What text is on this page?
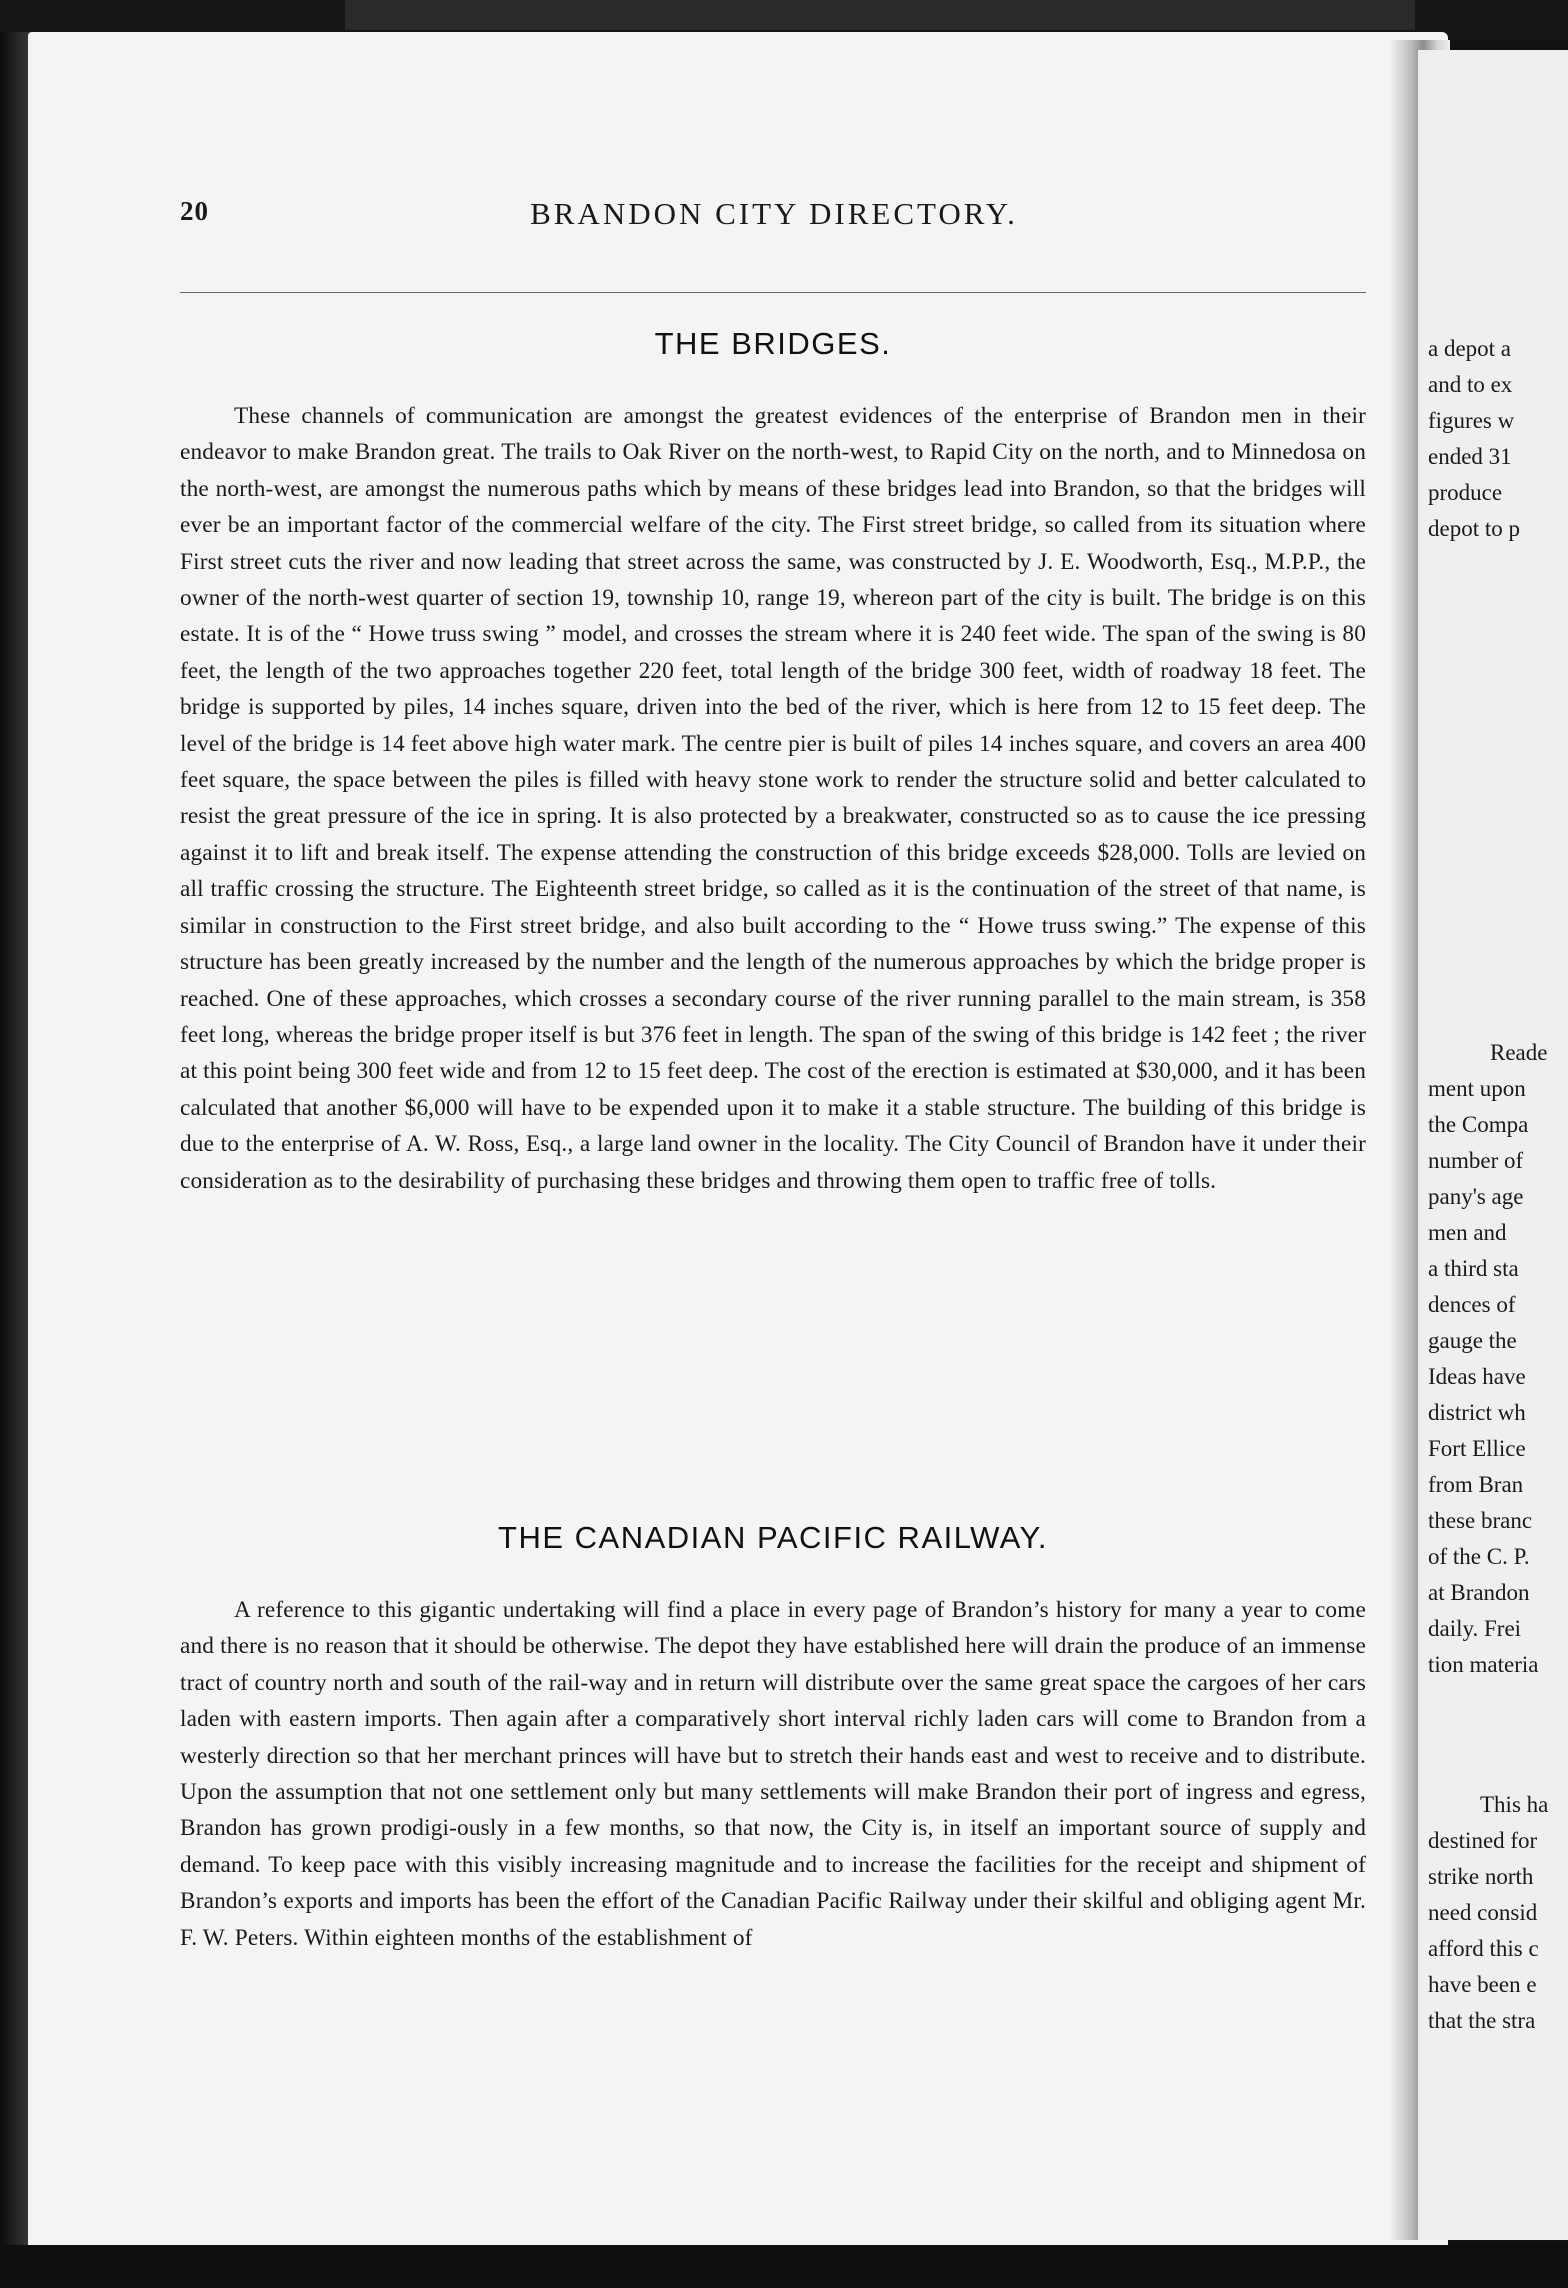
20	BRANDON CITY DIRECTORY.
THE BRIDGES.
These channels of communication are amongst the greatest evidences of the enterprise of Brandon men in their endeavor to make Brandon great. The trails to Oak River on the north-west, to Rapid City on the north, and to Minnedosa on the north-west, are amongst the numerous paths which by means of these bridges lead into Brandon, so that the bridges will ever be an important factor of the commercial welfare of the city. The First street bridge, so called from its situation where First street cuts the river and now leading that street across the same, was constructed by J. E. Woodworth, Esq., M.P.P., the owner of the north-west quarter of section 19, township 10, range 19, whereon part of the city is built. The bridge is on this estate. It is of the “ Howe truss swing ” model, and crosses the stream where it is 240 feet wide. The span of the swing is 80 feet, the length of the two approaches together 220 feet, total length of the bridge 300 feet, width of roadway 18 feet. The bridge is supported by piles, 14 inches square, driven into the bed of the river, which is here from 12 to 15 feet deep. The level of the bridge is 14 feet above high water mark. The centre pier is built of piles 14 inches square, and covers an area 400 feet square, the space between the piles is filled with heavy stone work to render the structure solid and better calculated to resist the great pressure of the ice in spring. It is also protected by a breakwater, constructed so as to cause the ice pressing against it to lift and break itself. The expense attending the construction of this bridge exceeds $28,000. Tolls are levied on all traffic crossing the structure. The Eighteenth street bridge, so called as it is the continuation of the street of that name, is similar in construction to the First street bridge, and also built according to the “ Howe truss swing.” The expense of this structure has been greatly increased by the number and the length of the numerous approaches by which the bridge proper is reached. One of these approaches, which crosses a secondary course of the river running parallel to the main stream, is 358 feet long, whereas the bridge proper itself is but 376 feet in length. The span of the swing of this bridge is 142 feet ; the river at this point being 300 feet wide and from 12 to 15 feet deep. The cost of the erection is estimated at $30,000, and it has been calculated that another $6,000 will have to be expended upon it to make it a stable structure. The building of this bridge is due to the enterprise of A. W. Ross, Esq., a large land owner in the locality. The City Council of Brandon have it under their consideration as to the desirability of purchasing these bridges and throwing them open to traffic free of tolls.
THE CANADIAN PACIFIC RAILWAY.
A reference to this gigantic undertaking will find a place in every page of Brandon’s history for many a year to come and there is no reason that it should be otherwise. The depot they have established here will drain the produce of an immense tract of country north and south of the rail-way and in return will distribute over the same great space the cargoes of her cars laden with eastern imports. Then again after a comparatively short interval richly laden cars will come to Brandon from a westerly direction so that her merchant princes will have but to stretch their hands east and west to receive and to distribute. Upon the assumption that not one settlement only but many settlements will make Brandon their port of ingress and egress, Brandon has grown prodigi-ously in a few months, so that now, the City is, in itself an important source of supply and demand. To keep pace with this visibly increasing magnitude and to increase the facilities for the receipt and shipment of Brandon’s exports and imports has been the effort of the Canadian Pacific Railway under their skilful and obliging agent Mr. F. W. Peters. Within eighteen months of the establishment of
a depot a
and to ex
figures w
ended 31
produce
depot to p
Reade
ment upon
the Compa
number of
pany's age
men and
a third sta
dences of
gauge the
Ideas have
district wh
Fort Ellice
from Bran
these branc
of the C. P.
at Brandon
daily. Frei
tion materia
This ha
destined for
strike north
need consid
afford this c
have been e
that the stra
